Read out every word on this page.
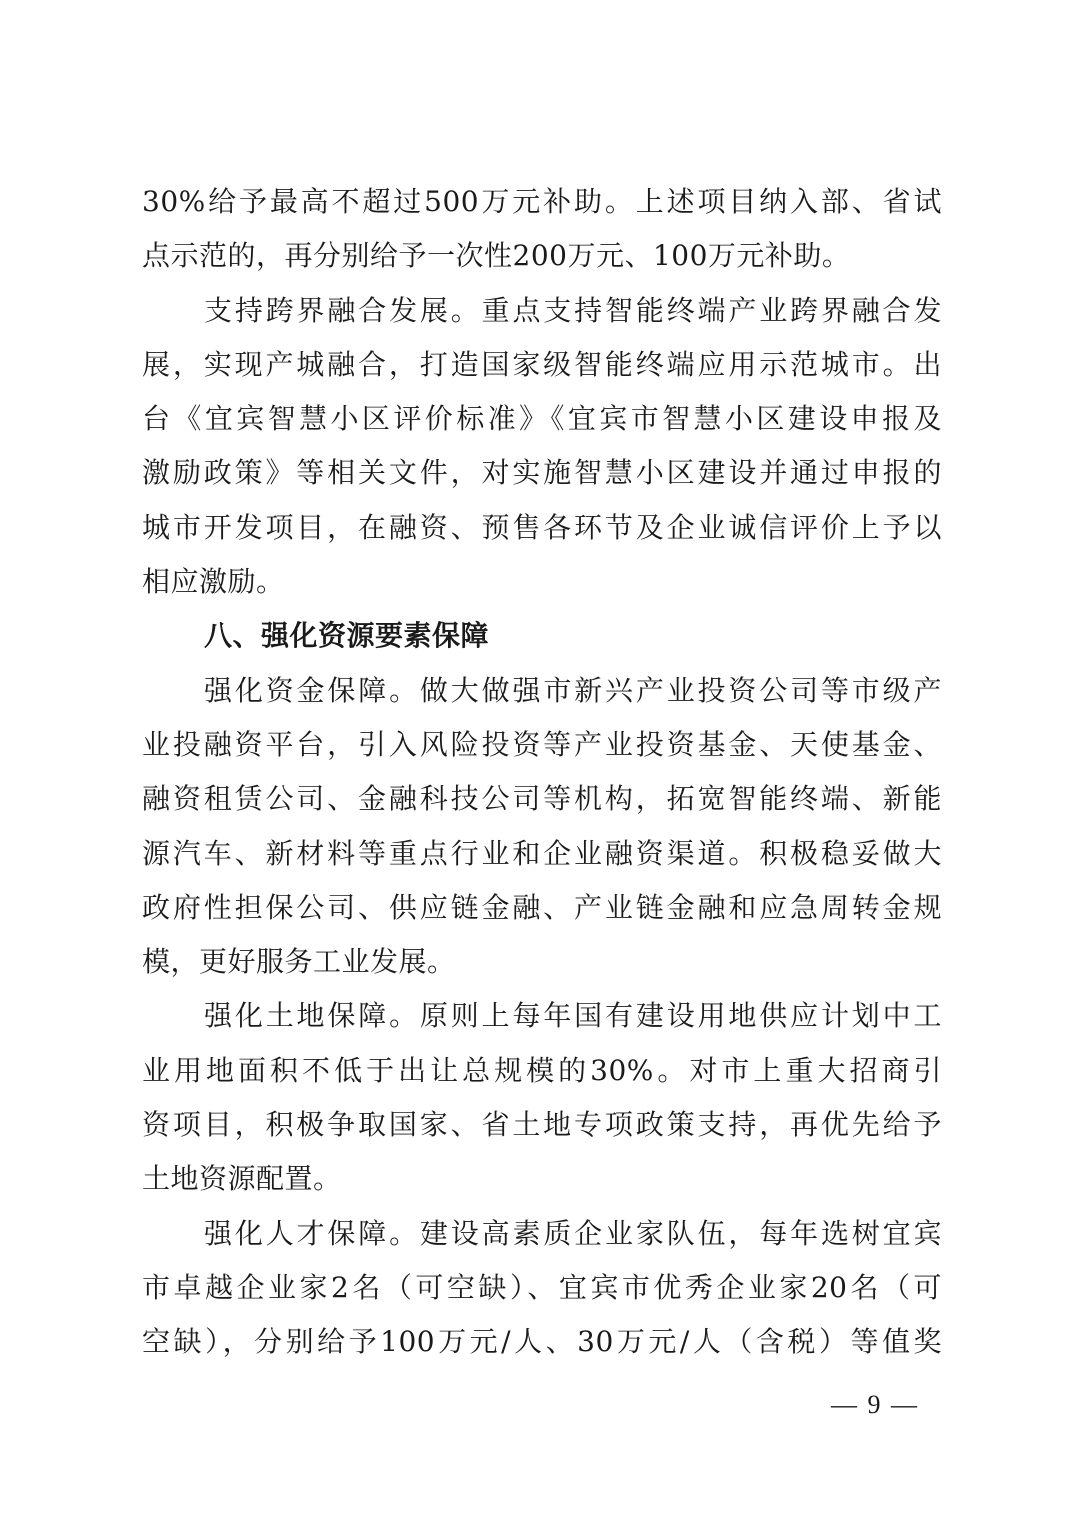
30%给予最高不超过500万元补助。上述项目纳入部、省试
点示范的，再分别给予一次性200万元、100万元补助。
支持跨界融合发展。重点支持智能终端产业跨界融合发
展，实现产城融合，打造国家级智能终端应用示范城市。出
台《宜宾智慧小区评价标准》《宜宾市智慧小区建设申报及
激励政策》等相关文件，对实施智慧小区建设并通过申报的
城市开发项目，在融资、预售各环节及企业诚信评价上予以
相应激励。
八、强化资源要素保障
强化资金保障。做大做强市新兴产业投资公司等市级产
业投融资平台，引入风险投资等产业投资基金、天使基金、
融资租赁公司、金融科技公司等机构，拓宽智能终端、新能
源汽车、新材料等重点行业和企业融资渠道。积极稳妥做大
政府性担保公司、供应链金融、产业链金融和应急周转金规
模，更好服务工业发展。
强化土地保障。原则上每年国有建设用地供应计划中工
业用地面积不低于出让总规模的30%。对市上重大招商引
资项目，积极争取国家、省土地专项政策支持，再优先给予
土地资源配置。
强化人才保障。建设高素质企业家队伍，每年选树宜宾
市卓越企业家2名（可空缺）、宜宾市优秀企业家20名（可
空缺），分别给予100万元/人、30万元/人（含税）等值奖
— 9 —
